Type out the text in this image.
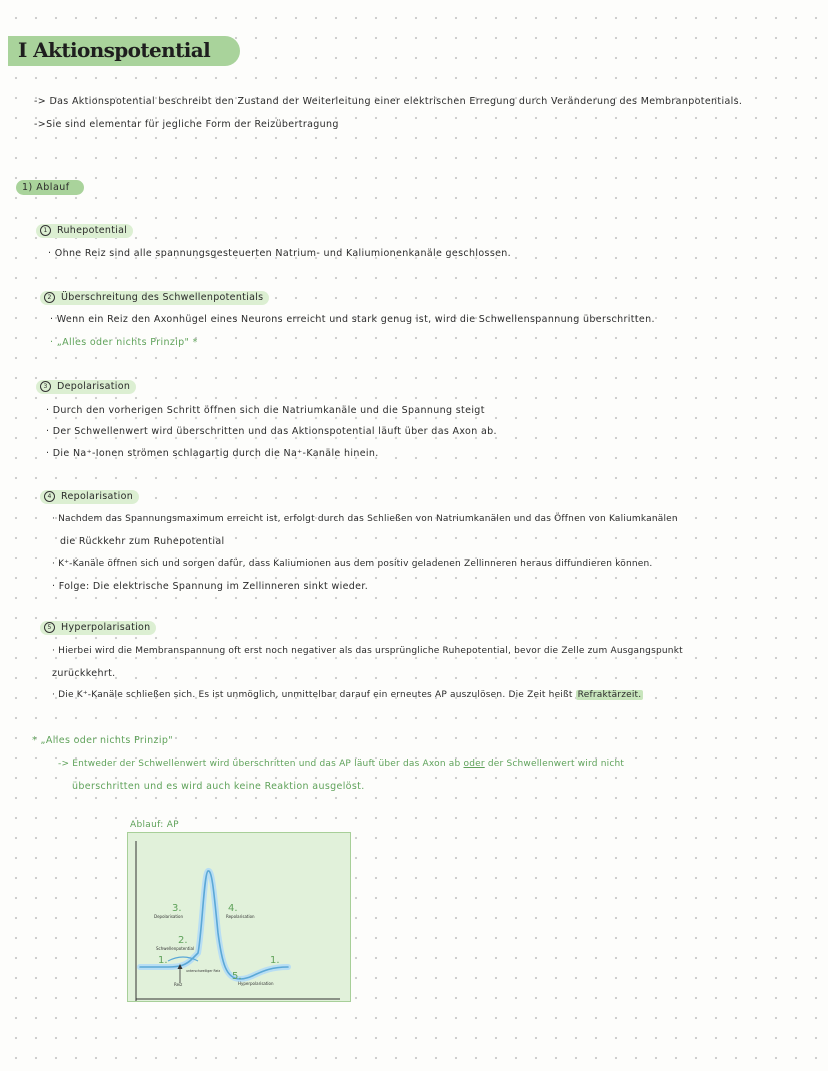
I Aktionspotential
-> Das Aktionspotential beschreibt den Zustand der Weiterleitung einer elektrischen Erregung durch Veränderung des Membranpotentials.
->Sie sind elementar für jegliche Form der Reizübertragung
1) Ablauf
1 Ruhepotential
· Ohne Reiz sind alle spannungsgesteuerten Natrium- und Kaliumionenkanäle geschlossen.
2 Überschreitung des Schwellenpotentials
· Wenn ein Reiz den Axonhügel eines Neurons erreicht und stark genug ist, wird die Schwellenspannung überschritten.
· „Alles oder nichts Prinzip" *
3 Depolarisation
· Durch den vorherigen Schritt öffnen sich die Natriumkanäle und die Spannung steigt
· Der Schwellenwert wird überschritten und das Aktionspotential läuft über das Axon ab.
· Die Na⁺-Ionen strömen schlagartig durch die Na⁺-Kanäle hinein.
4 Repolarisation
· Nachdem das Spannungsmaximum erreicht ist, erfolgt durch das Schließen von Natriumkanälen und das Öffnen von Kaliumkanälen
die Rückkehr zum Ruhepotential
· K⁺-Kanäle öffnen sich und sorgen dafür, dass Kaliumionen aus dem positiv geladenen Zellinneren heraus diffundieren können.
· Folge: Die elektrische Spannung im Zellinneren sinkt wieder.
5 Hyperpolarisation
· Hierbei wird die Membranspannung oft erst noch negativer als das ursprüngliche Ruhepotential, bevor die Zelle zum Ausgangspunkt
zurückkehrt.
· Die K⁺-Kanäle schließen sich. Es ist unmöglich, unmittelbar darauf ein erneutes AP auszulösen. Die Zeit heißt Refraktärzeit.
* „Alles oder nichts Prinzip"
-> Entweder der Schwellenwert wird überschritten und das AP läuft über das Axon ab oder der Schwellenwert wird nicht
überschritten und es wird auch keine Reaktion ausgelöst.
Ablauf: AP
1.
2.
Schwellenpotential
3.
Depolarisation
4.
Repolarisation
5.
Hyperpolarisation
1.
Reiz
unterschwelliger Reiz
